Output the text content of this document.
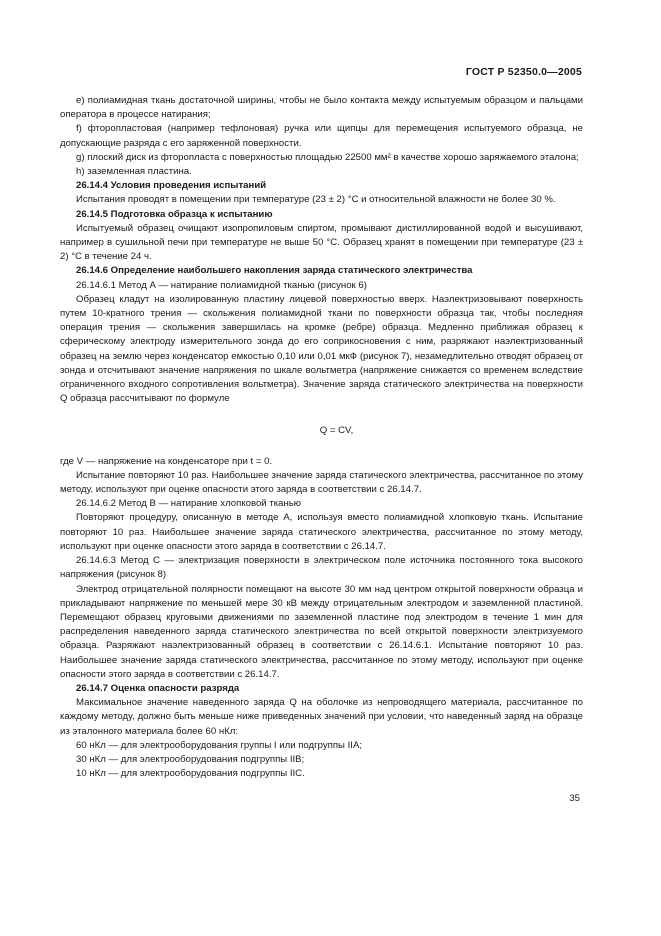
ГОСТ Р 52350.0—2005

e) полиамидная ткань достаточной ширины, чтобы не было контакта между испытуемым образцом и пальцами оператора в процессе натирания;

f) фторопластовая (например тефлоновая) ручка или щипцы для перемещения испытуемого образца, не допускающие разряда с его заряженной поверхности.

g) плоский диск из фторопласта с поверхностью площадью 22500 мм² в качестве хорошо заряжаемого эталона;

h) заземленная пластина.

26.14.4 Условия проведения испытаний

Испытания проводят в помещении при температуре (23 ± 2) °С и относительной влажности не более 30 %.

26.14.5 Подготовка образца к испытанию

Испытуемый образец очищают изопропиловым спиртом, промывают дистиллированной водой и высушивают, например в сушильной печи при температуре не выше 50 °С. Образец хранят в помещении при температуре (23 ± 2) °С в течение 24 ч.

26.14.6 Определение наибольшего накопления заряда статического электричества

26.14.6.1 Метод А — натирание полиамидной тканью (рисунок 6)

Образец кладут на изолированную пластину лицевой поверхностью вверх. Наэлектризовывают поверхность путем 10-кратного трения — скольжения полиамидной ткани по поверхности образца так, чтобы последняя операция трения — скольжения завершилась на кромке (ребре) образца. Медленно приближая образец к сферическому электроду измерительного зонда до его соприкосновения с ним, разряжают наэлектризованный образец на землю через конденсатор емкостью 0,10 или 0,01 мкФ (рисунок 7), незамедлительно отводят образец от зонда и отсчитывают значение напряжения по шкале вольтметра (напряжение снижается со временем вследствие ограниченного входного сопротивления вольтметра). Значение заряда статического электричества на поверхности Q образца рассчитывают по формуле

Q = CV,

где V — напряжение на конденсаторе при t = 0.

Испытание повторяют 10 раз. Наибольшее значение заряда статического электричества, рассчитанное по этому методу, используют при оценке опасности этого заряда в соответствии с 26.14.7.

26.14.6.2 Метод В — натирание хлопковой тканью

Повторяют процедуру, описанную в методе А, используя вместо полиамидной хлопковую ткань. Испытание повторяют 10 раз. Наибольшее значение заряда статического электричества, рассчитанное по этому методу, используют при оценке опасности этого заряда в соответствии с 26.14.7.

26.14.6.3 Метод С — электризация поверхности в электрическом поле источника постоянного тока высокого напряжения (рисунок 8)

Электрод отрицательной полярности помещают на высоте 30 мм над центром открытой поверхности образца и прикладывают напряжение по меньшей мере 30 кВ между отрицательным электродом и заземленной пластиной. Перемещают образец круговыми движениями по заземленной пластине под электродом в течение 1 мин для распределения наведенного заряда статического электричества по всей открытой поверхности электризуемого образца. Разряжают наэлектризованный образец в соответствии с 26.14.6.1. Испытание повторяют 10 раз. Наибольшее значение заряда статического электричества, рассчитанное по этому методу, используют при оценке опасности этого заряда в соответствии с 26.14.7.

26.14.7 Оценка опасности разряда

Максимальное значение наведенного заряда Q на оболочке из непроводящего материала, рассчитанное по каждому методу, должно быть меньше ниже приведенных значений при условии, что наведенный заряд на образце из эталонного материала более 60 нКл:

60 нКл — для электрооборудования группы I или подгруппы IIA;

30 нКл — для электрооборудования подгруппы IIB;

10 нКл — для электрооборудования подгруппы IIC.

35
